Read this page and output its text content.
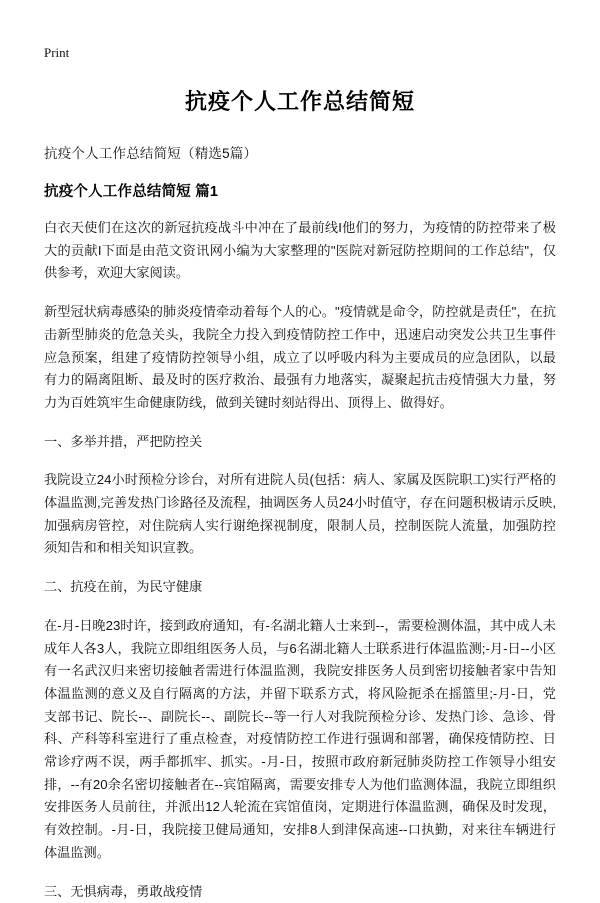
Print
抗疫个人工作总结简短
抗疫个人工作总结简短（精选5篇）
抗疫个人工作总结简短 篇1

白衣天使们在这次的新冠抗疫战斗中冲在了最前线I他们的努力，为疫情的防控带来了极大的贡献I下面是由范文资讯网小编为大家整理的"医院对新冠防控期间的工作总结"，仅供参考，欢迎大家阅读。

新型冠状病毒感染的肺炎疫情牵动着每个人的心。"疫情就是命令，防控就是责任"，在抗击新型肺炎的危急关头，我院全力投入到疫情防控工作中，迅速启动突发公共卫生事件应急预案，组建了疫情防控领导小组，成立了以呼吸内科为主要成员的应急团队，以最有力的隔离阻断、最及时的医疗救治、最强有力地落实，凝聚起抗击疫情强大力量，努力为百姓筑牢生命健康防线，做到关键时刻站得出、顶得上、做得好。

一、多举并措，严把防控关

我院设立24小时预检分诊台，对所有进院人员(包括：病人、家属及医院职工)实行严格的体温监测,完善发热门诊路径及流程，抽调医务人员24小时值守，存在问题积极请示反映,加强病房管控，对住院病人实行谢绝探视制度，限制人员，控制医院人流量，加强防控须知告和和相关知识宣教。

二、抗疫在前，为民守健康

在-月-日晚23时许，接到政府通知，有-名湖北籍人士来到--，需要检测体温，其中成人未成年人各3人，我院立即组组医务人员，与6名湖北籍人士联系进行体温监测;-月-日--小区有一名武汉归来密切接触者需进行体温监测，我院安排医务人员到密切接触者家中告知体温监测的意义及自行隔离的方法，并留下联系方式，将风险扼杀在摇篮里;-月-日，党支部书记、院长--、副院长--、副院长--等一行人对我院预检分诊、发热门诊、急诊、骨科、产科等科室进行了重点检查，对疫情防控工作进行强调和部署，确保疫情防控、日常诊疗两不误，两手都抓牢、抓实。-月-日，按照市政府新冠肺炎防控工作领导小组安排，--有20余名密切接触者在--宾馆隔离，需要安排专人为他们监测体温，我院立即组织安排医务人员前往，并派出12人轮流在宾馆值岗，定期进行体温监测，确保及时发现，有效控制。-月-日，我院接卫健局通知，安排8人到津保高速--口执勤，对来往车辆进行体温监测。

三、无惧病毒，勇敢战疫情
